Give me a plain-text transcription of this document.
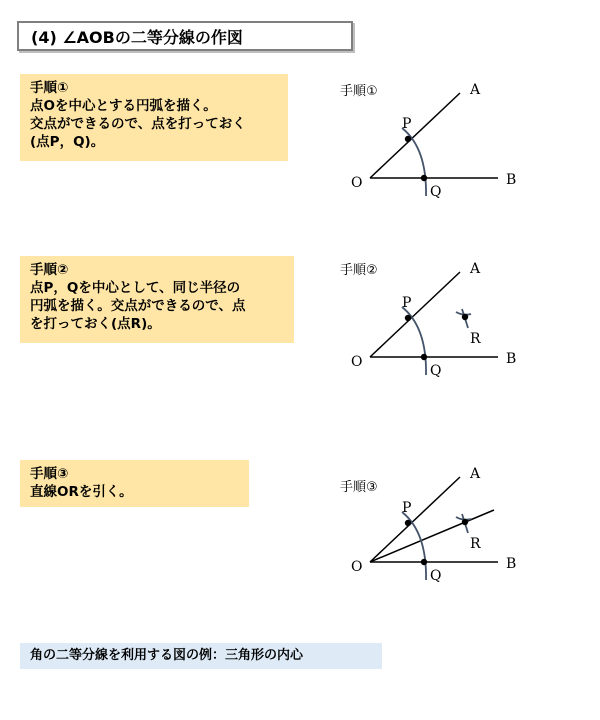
(4) ∠AOBの二等分線の作図
手順①
点Oを中心とする円弧を描く。
交点ができるので、点を打っておく
(点P，Q)。
手順②
点P，Qを中心として、同じ半径の
円弧を描く。交点ができるので、点
を打っておく(点R)。
手順③
直線ORを引く。
角の二等分線を利用する図の例：三角形の内心
手順①	A
B
O
P
Q
手順②	A
B
O
P
Q
R
手順③
A
B
O
P
Q
R
